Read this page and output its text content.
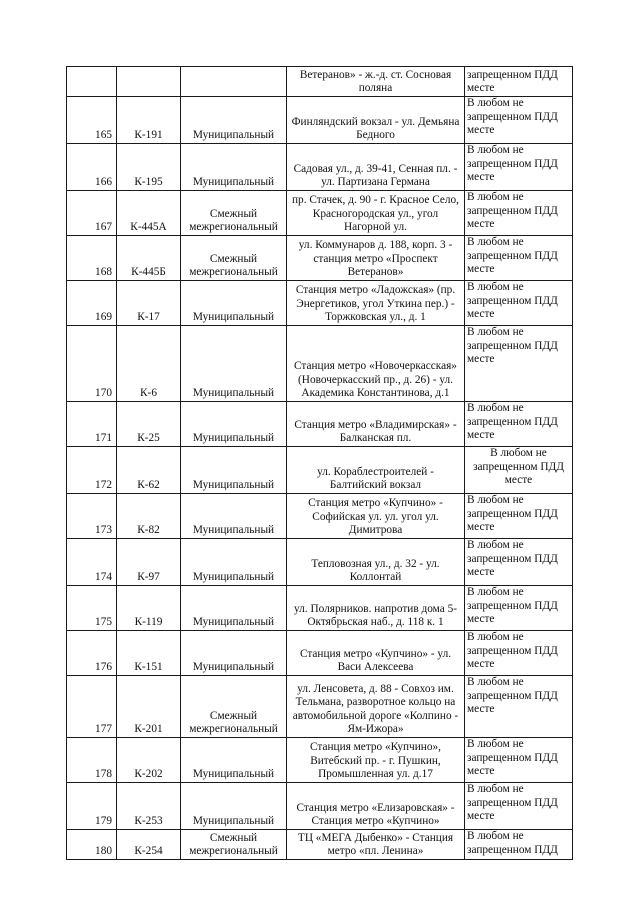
			Ветеранов» - ж.-д. ст. Сосновая поляна	запрещенном ПДД месте
165	К-191	Муниципальный	Финляндский вокзал - ул. Демьяна Бедного	В любом не запрещенном ПДД месте
166	К-195	Муниципальный	Садовая ул., д. 39-41, Сенная пл. - ул. Партизана Германа	В любом не запрещенном ПДД месте
167	К-445А	Смежный межрегиональный	пр. Стачек, д. 90 - г. Красное Село, Красногородская ул., угол Нагорной ул.	В любом не запрещенном ПДД месте
168	К-445Б	Смежный межрегиональный	ул. Коммунаров д. 188, корп. 3 - станция метро «Проспект Ветеранов»	В любом не запрещенном ПДД месте
169	К-17	Муниципальный	Станция метро «Ладожская» (пр. Энергетиков, угол Уткина пер.) - Торжковская ул., д. 1	В любом не запрещенном ПДД месте
170	К-6	Муниципальный	Станция метро «Новочеркасская» (Новочеркасский пр., д. 26) - ул. Академика Константинова, д.1	В любом не запрещенном ПДД месте
171	К-25	Муниципальный	Станция метро «Владимирская» - Балканская пл.	В любом не запрещенном ПДД месте
172	К-62	Муниципальный	ул. Кораблестроителей - Балтийский вокзал	В любом не запрещенном ПДД месте
173	К-82	Муниципальный	Станция метро «Купчино» - Софийская ул. ул. угол ул. Димитрова	В любом не запрещенном ПДД месте
174	К-97	Муниципальный	Тепловозная ул., д. 32 - ул. Коллонтай	В любом не запрещенном ПДД месте
175	К-119	Муниципальный	ул. Полярников. напротив дома 5- Октябрьская наб., д. 118 к. 1	В любом не запрещенном ПДД месте
176	К-151	Муниципальный	Станция метро «Купчино» - ул. Васи Алексеева	В любом не запрещенном ПДД месте
177	К-201	Смежный межрегиональный	ул. Ленсовета, д. 88 - Совхоз им. Тельмана, разворотное кольцо на автомобильной дороге «Колпино - Ям-Ижора»	В любом не запрещенном ПДД месте
178	К-202	Муниципальный	Станция метро «Купчино», Витебский пр. - г. Пушкин, Промышленная ул. д.17	В любом не запрещенном ПДД месте
179	К-253	Муниципальный	Станция метро «Елизаровская» - Станция метро «Купчино»	В любом не запрещенном ПДД месте
180	К-254	Смежный межрегиональный	ТЦ «МЕГА Дыбенко» - Станция метро «пл. Ленина»	В любом не запрещенном ПДД
